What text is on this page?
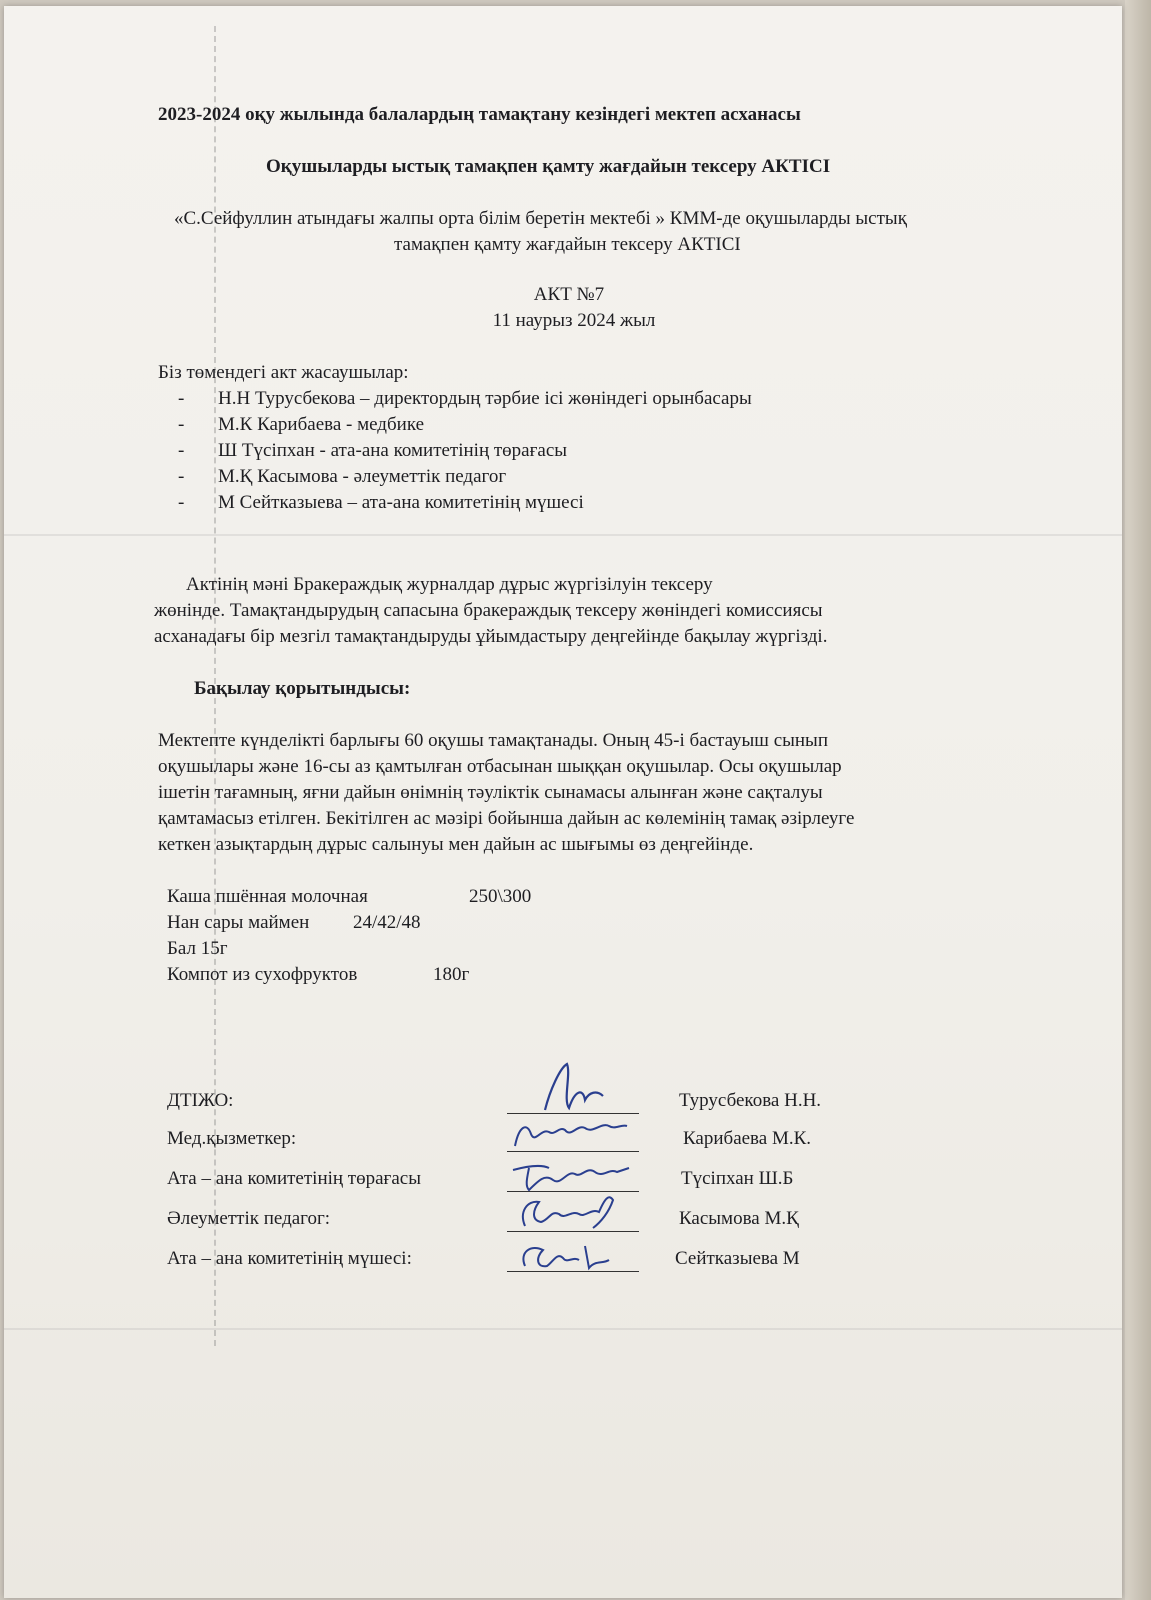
2023-2024 оқу жылында балалардың тамақтану кезіндегі мектеп асханасы
Оқушыларды ыстық тамақпен қамту жағдайын тексеру АКТІСІ
«С.Сейфуллин атындағы жалпы орта білім беретін мектебі » КММ-де оқушыларды ыстық
тамақпен қамту жағдайын тексеру АКТІСІ
АКТ №7
11 наурыз 2024 жыл
Біз төмендегі акт жасаушылар:
- Н.Н Турусбекова – директордың тәрбие ісі жөніндегі орынбасары
- М.К Карибаева - медбике
- Ш Түсіпхан - ата-ана комитетінің төрағасы
- М.Қ Касымова - әлеуметтік педагог
- М Сейтказыева – ата-ана комитетінің мүшесі
Актінің мәні Бракераждық журналдар дұрыс жүргізілуін тексеру
жөнінде. Тамақтандырудың сапасына бракераждық тексеру жөніндегі комиссиясы
асханадағы бір мезгіл тамақтандыруды ұйымдастыру деңгейінде бақылау жүргізді.
Бақылау қорытындысы:
Мектепте күнделікті барлығы 60 оқушы тамақтанады. Оның 45-і бастауыш сынып
оқушылары және 16-сы аз қамтылған отбасынан шыққан оқушылар. Осы оқушылар
ішетін тағамның, яғни дайын өнімнің тәуліктік сынамасы алынған және сақталуы
қамтамасыз етілген. Бекітілген ас мәзірі бойынша дайын ас көлемінің тамақ әзірлеуге
кеткен азықтардың дұрыс салынуы мен дайын ас шығымы өз деңгейінде.
Каша пшённая молочная	250\300
Нан сары маймен 24/42/48
Бал 15г
Компот из сухофруктов	180г
ДТІЖО:	Турусбекова Н.Н.
Мед.қызметкер:	Карибаева М.К.
Ата – ана комитетінің төрағасы	Түсіпхан Ш.Б
Әлеуметтік педагог:	Касымова М.Қ
Ата – ана комитетінің мүшесі:	Сейтказыева М
